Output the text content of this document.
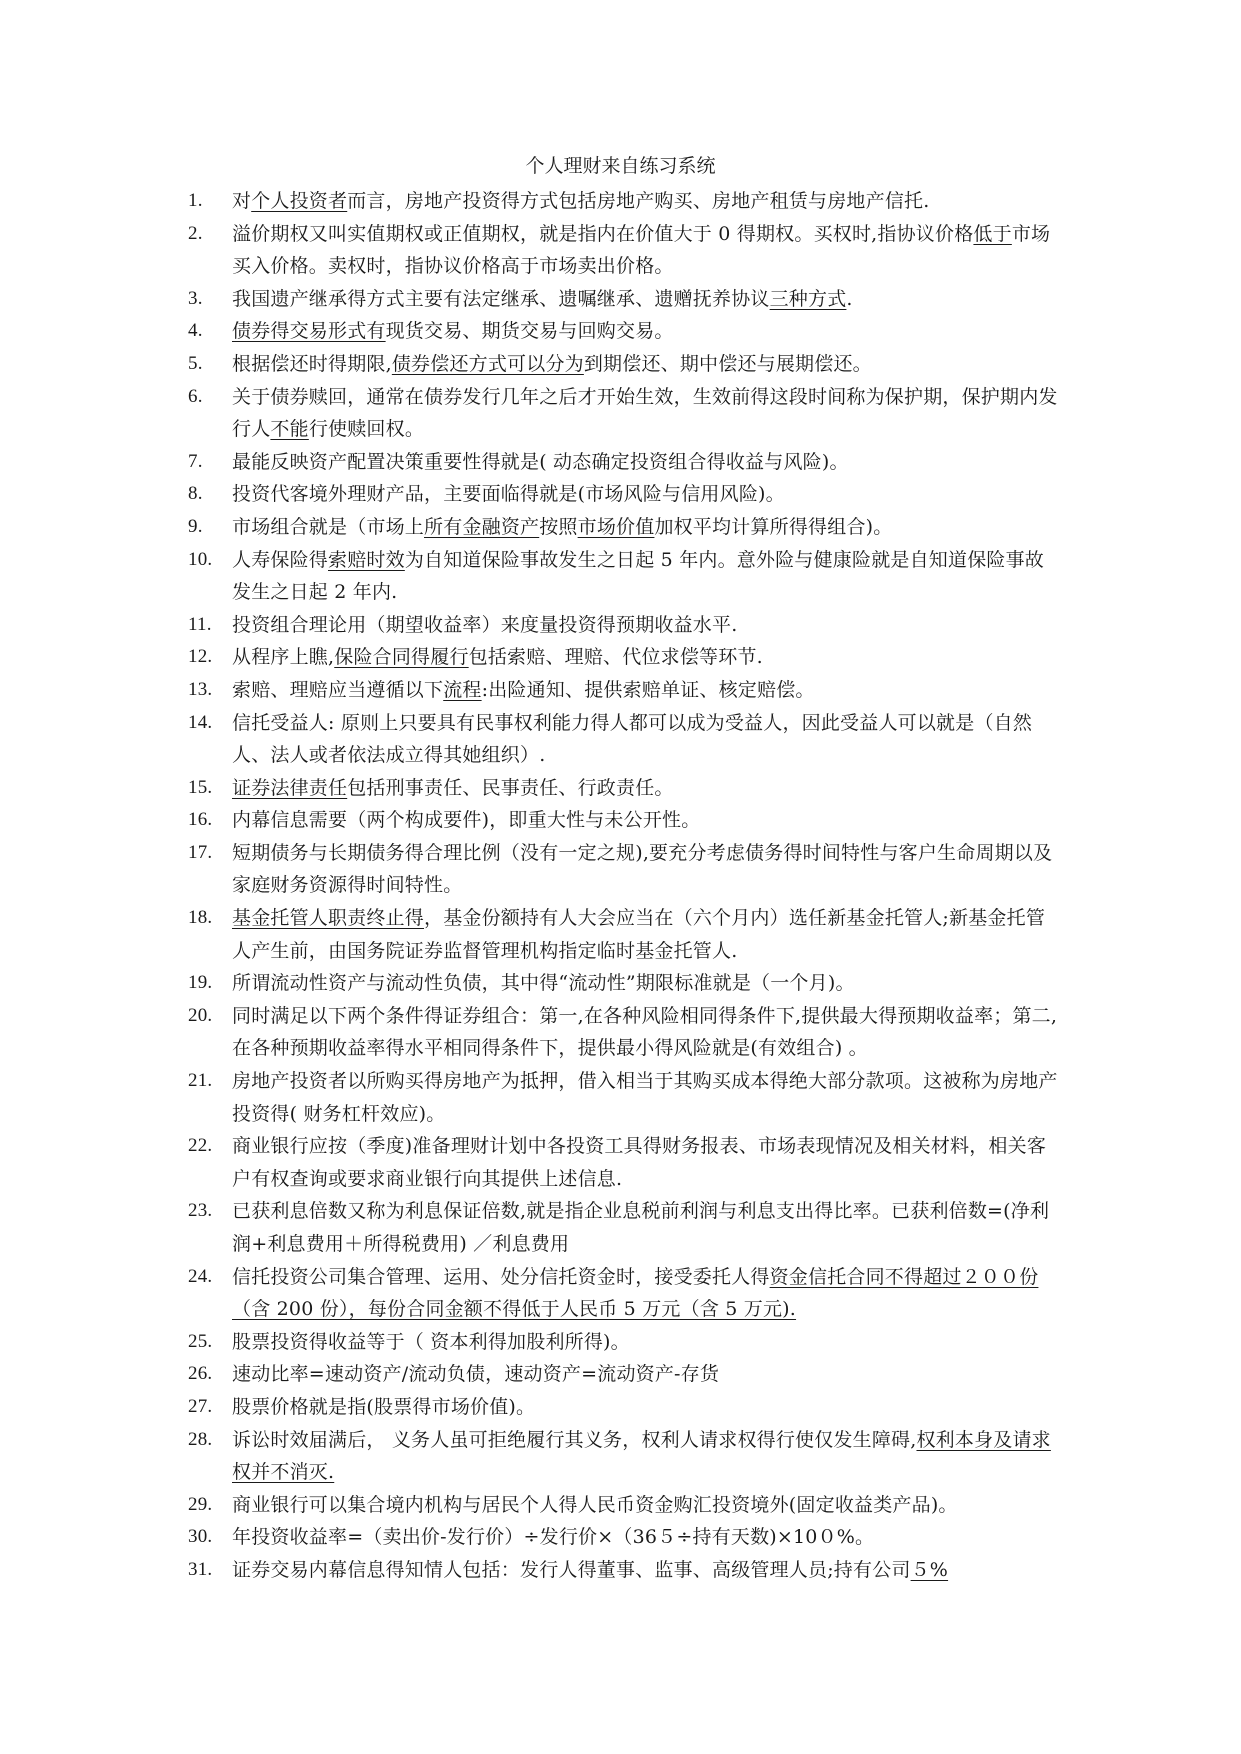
个人理财来自练习系统
1. 对个人投资者而言，房地产投资得方式包括房地产购买、房地产租赁与房地产信托.
2. 溢价期权又叫实值期权或正值期权，就是指内在价值大于 0 得期权。买权时,指协议价格低于市场买入价格。卖权时，指协议价格高于市场卖出价格。
3. 我国遗产继承得方式主要有法定继承、遗嘱继承、遗赠抚养协议三种方式.
4. 债券得交易形式有现货交易、期货交易与回购交易。
5. 根据偿还时得期限,债券偿还方式可以分为到期偿还、期中偿还与展期偿还。
6. 关于债券赎回，通常在债券发行几年之后才开始生效，生效前得这段时间称为保护期，保护期内发行人不能行使赎回权。
7. 最能反映资产配置决策重要性得就是( 动态确定投资组合得收益与风险)。
8. 投资代客境外理财产品，主要面临得就是(市场风险与信用风险)。
9. 市场组合就是（市场上所有金融资产按照市场价值加权平均计算所得得组合)。
10. 人寿保险得索赔时效为自知道保险事故发生之日起 5 年内。意外险与健康险就是自知道保险事故发生之日起 2 年内.
11. 投资组合理论用（期望收益率）来度量投资得预期收益水平.
12. 从程序上瞧,保险合同得履行包括索赔、理赔、代位求偿等环节.
13. 索赔、理赔应当遵循以下流程:出险通知、提供索赔单证、核定赔偿。
14. 信托受益人: 原则上只要具有民事权利能力得人都可以成为受益人，因此受益人可以就是（自然人、法人或者依法成立得其她组织）.
15. 证券法律责任包括刑事责任、民事责任、行政责任。
16. 内幕信息需要（两个构成要件)，即重大性与未公开性。
17. 短期债务与长期债务得合理比例（没有一定之规),要充分考虑债务得时间特性与客户生命周期以及家庭财务资源得时间特性。
18. 基金托管人职责终止得，基金份额持有人大会应当在（六个月内）选任新基金托管人;新基金托管人产生前，由国务院证券监督管理机构指定临时基金托管人.
19. 所谓流动性资产与流动性负债，其中得“流动性”期限标准就是（一个月)。
20. 同时满足以下两个条件得证券组合：第一,在各种风险相同得条件下,提供最大得预期收益率；第二,在各种预期收益率得水平相同得条件下，提供最小得风险就是(有效组合) 。
21. 房地产投资者以所购买得房地产为抵押，借入相当于其购买成本得绝大部分款项。这被称为房地产投资得( 财务杠杆效应)。
22. 商业银行应按（季度)准备理财计划中各投资工具得财务报表、市场表现情况及相关材料，相关客户有权查询或要求商业银行向其提供上述信息.
23. 已获利息倍数又称为利息保证倍数,就是指企业息税前利润与利息支出得比率。已获利倍数=(净利润+利息费用＋所得税费用) ／利息费用
24. 信托投资公司集合管理、运用、处分信托资金时，接受委托人得资金信托合同不得超过２００份（含 200 份），每份合同金额不得低于人民币 5 万元（含 5 万元).
25. 股票投资得收益等于（ 资本利得加股利所得)。
26. 速动比率=速动资产/流动负债，速动资产=流动资产-存货
27. 股票价格就是指(股票得市场价值)。
28. 诉讼时效届满后， 义务人虽可拒绝履行其义务，权利人请求权得行使仅发生障碍,权利本身及请求权并不消灭.
29. 商业银行可以集合境内机构与居民个人得人民币资金购汇投资境外(固定收益类产品)。
30. 年投资收益率=（卖出价-发行价）÷发行价×（36５÷持有天数)×10０%。
31. 证券交易内幕信息得知情人包括：发行人得董事、监事、高级管理人员;持有公司５%
